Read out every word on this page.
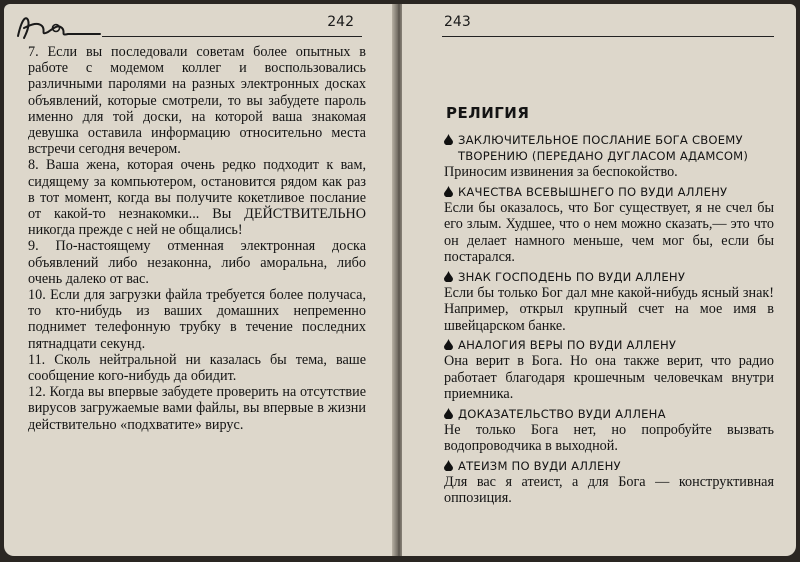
242

7. Если вы последовали советам более опытных в работе с модемом коллег и воспользовались различными паролями на разных электронных досках объявлений, которые смотрели, то вы забудете пароль именно для той доски, на которой ваша знакомая девушка оставила информацию относительно места встречи сегодня вечером.

8. Ваша жена, которая очень редко подходит к вам, сидящему за компьютером, остановится рядом как раз в тот момент, когда вы получите кокетливое послание от какой-то незнакомки... Вы ДЕЙСТВИТЕЛЬНО никогда прежде с ней не общались!

9. По-настоящему отменная электронная доска объявлений либо незаконна, либо аморальна, либо очень далеко от вас.

10. Если для загрузки файла требуется более получаса, то кто-нибудь из ваших домашних непременно поднимет телефонную трубку в течение последних пятнадцати секунд.

11. Сколь нейтральной ни казалась бы тема, ваше сообщение кого-нибудь да обидит.

12. Когда вы впервые забудете проверить на отсутствие вирусов загружаемые вами файлы, вы впервые в жизни действительно «подхватите» вирус.

243
РЕЛИГИЯ
ЗАКЛЮЧИТЕЛЬНОЕ ПОСЛАНИЕ БОГА СВОЕМУ ТВОРЕНИЮ (ПЕРЕДАНО ДУГЛАСОМ АДАМСОМ)

Приносим извинения за беспокойство.

КАЧЕСТВА ВСЕВЫШНЕГО ПО ВУДИ АЛЛЕНУ

Если бы оказалось, что Бог существует, я не счел бы его злым. Худшее, что о нем можно сказать,— это что он делает намного меньше, чем мог бы, если бы постарался.

ЗНАК ГОСПОДЕНЬ ПО ВУДИ АЛЛЕНУ

Если бы только Бог дал мне какой-нибудь ясный знак! Например, открыл крупный счет на мое имя в швейцарском банке.

АНАЛОГИЯ ВЕРЫ ПО ВУДИ АЛЛЕНУ

Она верит в Бога. Но она также верит, что радио работает благодаря крошечным человечкам внутри приемника.

ДОКАЗАТЕЛЬСТВО ВУДИ АЛЛЕНА

Не только Бога нет, но попробуйте вызвать водопроводчика в выходной.

АТЕИЗМ ПО ВУДИ АЛЛЕНУ

Для вас я атеист, а для Бога — конструктивная оппозиция.
